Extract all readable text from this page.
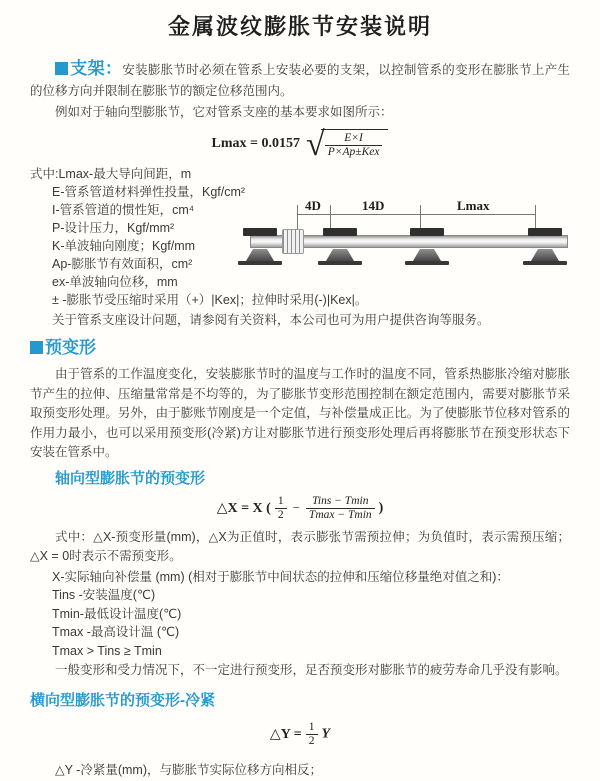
金属波纹膨胀节安装说明

支架：安装膨胀节时必须在管系上安装必要的支架，以控制管系的变形在膨胀节上产生的位移方向并限制在膨胀节的额定位移范围内。

例如对于轴向型膨胀节，它对管系支座的基本要求如图所示：

Lmax = 0.0157 √ $\frac{E\times I}{\text{P×Ap±Kex}}$
式中:Lmax-最大导向间距，m
E-管系管道材料弹性投量，Kgf/cm²
I-管系管道的惯性矩，cm⁴
P-设计压力，Kgf/mm²
K-单波轴向刚度；Kgf/mm
Ap-膨胀节有效面积，cm²
ex-单波轴向位移，mm
± -膨胀节受压缩时采用（+）|Kex|；拉伸时采用(-)|Kex|。
关于管系支座设计问题，请参阅有关资料，本公司也可为用户提供咨询等服务。
4D	14D	Lmax
预变形

由于管系的工作温度变化，安装膨胀节时的温度与工作时的温度不同，管系热膨胀冷缩对膨胀节产生的拉伸、压缩量常常是不均等的，为了膨胀节变形范围控制在额定范围内，需要对膨胀节采取预变形处理。另外，由于膨账节刚度是一个定值，与补偿量成正比。为了使膨胀节位移对管系的作用力最小，也可以采用预变形(冷紧)方让对膨胀节进行预变形处理后再将膨胀节在预变形状态下安装在管系中。

轴向型膨胀节的预变形
△X = X ( $\frac{1}{2} - \frac{\text{Tins − Tmin}}{Tmax - Tmin}$ )

式中：△X-预变形量(mm)，△X为正值时，表示膨张节需预拉伸；为负值时，表示需预压缩；△X = 0时表示不需预变形。

X-实际轴向补偿量 (mm) (相对于膨胀节中间状态的拉伸和压缩位移量绝对值之和)：
Tins -安装温度(℃)
Tmin-最低设计温度(℃)
Tmax -最高设计温 (℃)
Tmax > Tins ≥ Tmin

一般变形和受力情况下，不一定进行预变形，足否预变形对膨胀节的疲劳寿命几乎没有影响。

横向型膨胀节的预变形-冷紧
△Y = $\frac{1}{2}$ Y

△Y -冷紧量(mm)，与膨胀节实际位移方向相反；
